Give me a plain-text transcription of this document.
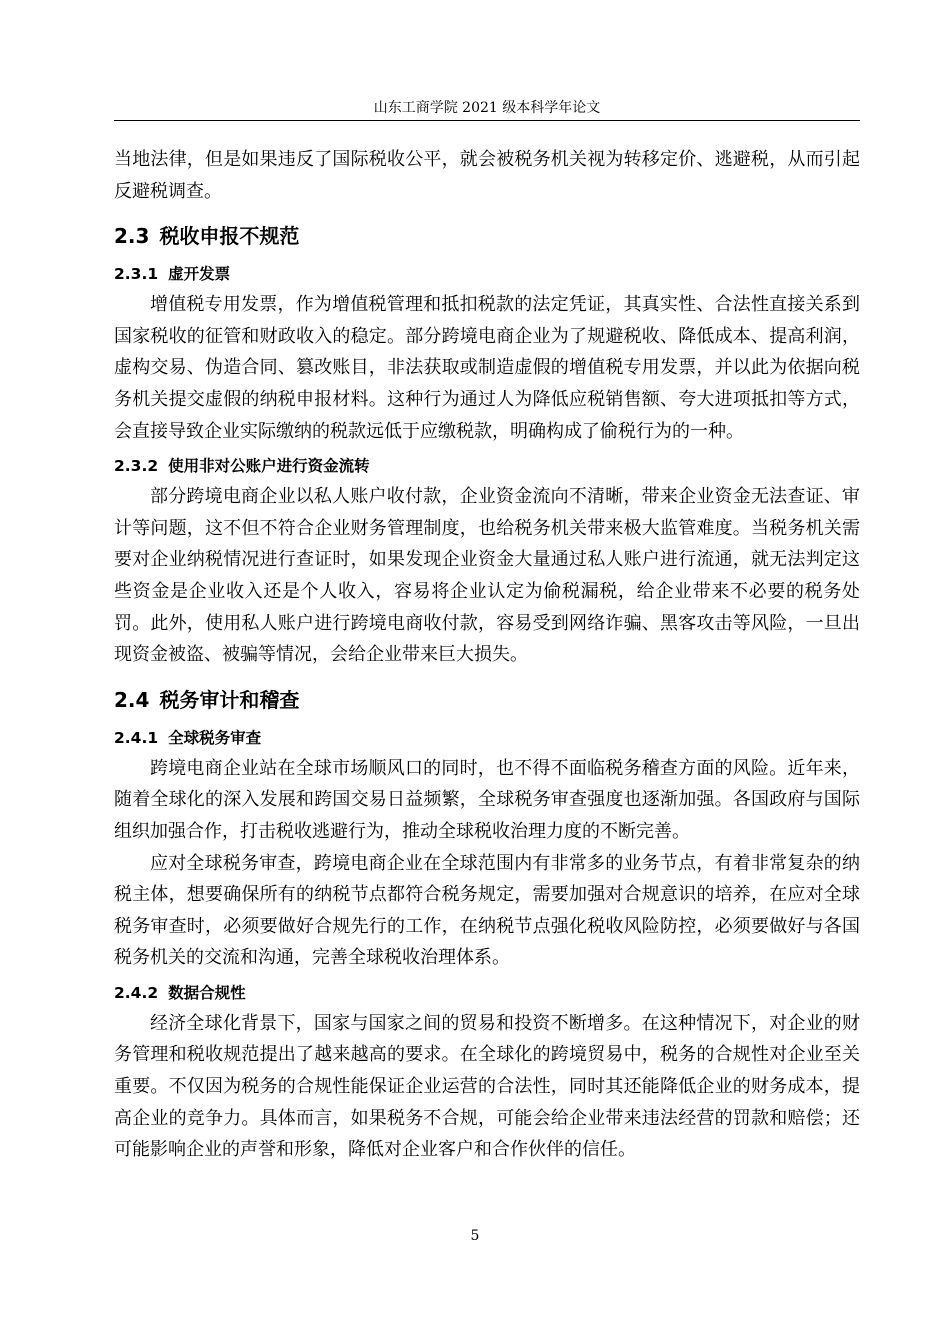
山东工商学院 2021 级本科学年论文

当地法律，但是如果违反了国际税收公平，就会被税务机关视为转移定价、逃避税，从而引起反避税调查。

2.3 税收申报不规范
2.3.1 虚开发票

增值税专用发票，作为增值税管理和抵扣税款的法定凭证，其真实性、合法性直接关系到国家税收的征管和财政收入的稳定。部分跨境电商企业为了规避税收、降低成本、提高利润，虚构交易、伪造合同、篡改账目，非法获取或制造虚假的增值税专用发票，并以此为依据向税务机关提交虚假的纳税申报材料。这种行为通过人为降低应税销售额、夸大进项抵扣等方式，会直接导致企业实际缴纳的税款远低于应缴税款，明确构成了偷税行为的一种。

2.3.2 使用非对公账户进行资金流转

部分跨境电商企业以私人账户收付款，企业资金流向不清晰，带来企业资金无法查证、审计等问题，这不但不符合企业财务管理制度，也给税务机关带来极大监管难度。当税务机关需要对企业纳税情况进行查证时，如果发现企业资金大量通过私人账户进行流通，就无法判定这些资金是企业收入还是个人收入，容易将企业认定为偷税漏税，给企业带来不必要的税务处罚。此外，使用私人账户进行跨境电商收付款，容易受到网络诈骗、黑客攻击等风险，一旦出现资金被盗、被骗等情况，会给企业带来巨大损失。

2.4 税务审计和稽查
2.4.1 全球税务审查

跨境电商企业站在全球市场顺风口的同时，也不得不面临税务稽查方面的风险。近年来，随着全球化的深入发展和跨国交易日益频繁，全球税务审查强度也逐渐加强。各国政府与国际组织加强合作，打击税收逃避行为，推动全球税收治理力度的不断完善。

应对全球税务审查，跨境电商企业在全球范围内有非常多的业务节点，有着非常复杂的纳税主体，想要确保所有的纳税节点都符合税务规定，需要加强对合规意识的培养，在应对全球税务审查时，必须要做好合规先行的工作，在纳税节点强化税收风险防控，必须要做好与各国税务机关的交流和沟通，完善全球税收治理体系。

2.4.2 数据合规性

经济全球化背景下，国家与国家之间的贸易和投资不断增多。在这种情况下，对企业的财务管理和税收规范提出了越来越高的要求。在全球化的跨境贸易中，税务的合规性对企业至关重要。不仅因为税务的合规性能保证企业运营的合法性，同时其还能降低企业的财务成本，提高企业的竞争力。具体而言，如果税务不合规，可能会给企业带来违法经营的罚款和赔偿；还可能影响企业的声誉和形象，降低对企业客户和合作伙伴的信任。

5
